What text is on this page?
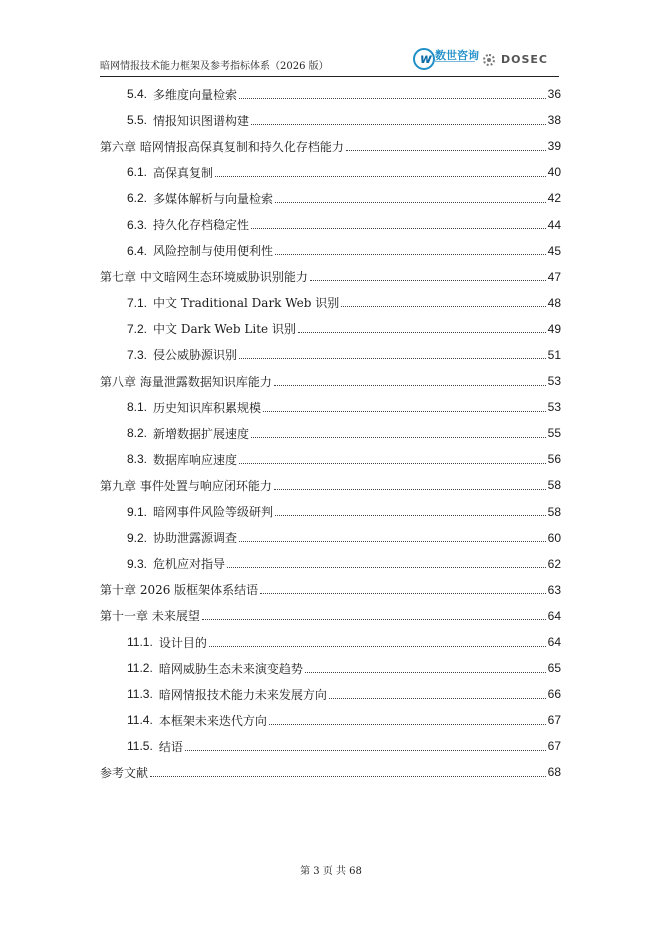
暗网情报技术能力框架及参考指标体系（2026 版）	w 数世咨询 DOSEC
5.4. 多维度向量检索	36
5.5. 情报知识图谱构建	38
第六章 暗网情报高保真复制和持久化存档能力	39
6.1. 高保真复制	40
6.2. 多媒体解析与向量检索	42
6.3. 持久化存档稳定性	44
6.4. 风险控制与使用便利性	45
第七章 中文暗网生态环境威胁识别能力	47
7.1. 中文 Traditional Dark Web 识别	48
7.2. 中文 Dark Web Lite 识别	49
7.3. 侵公威胁源识别	51
第八章 海量泄露数据知识库能力	53
8.1. 历史知识库积累规模	53
8.2. 新增数据扩展速度	55
8.3. 数据库响应速度	56
第九章 事件处置与响应闭环能力	58
9.1. 暗网事件风险等级研判	58
9.2. 协助泄露源调查	60
9.3. 危机应对指导	62
第十章 2026 版框架体系结语	63
第十一章 未来展望	64
11.1. 设计目的	64
11.2. 暗网威胁生态未来演变趋势	65
11.3. 暗网情报技术能力未来发展方向	66
11.4. 本框架未来迭代方向	67
11.5. 结语	67
参考文献	68
第 3 页 共 68
